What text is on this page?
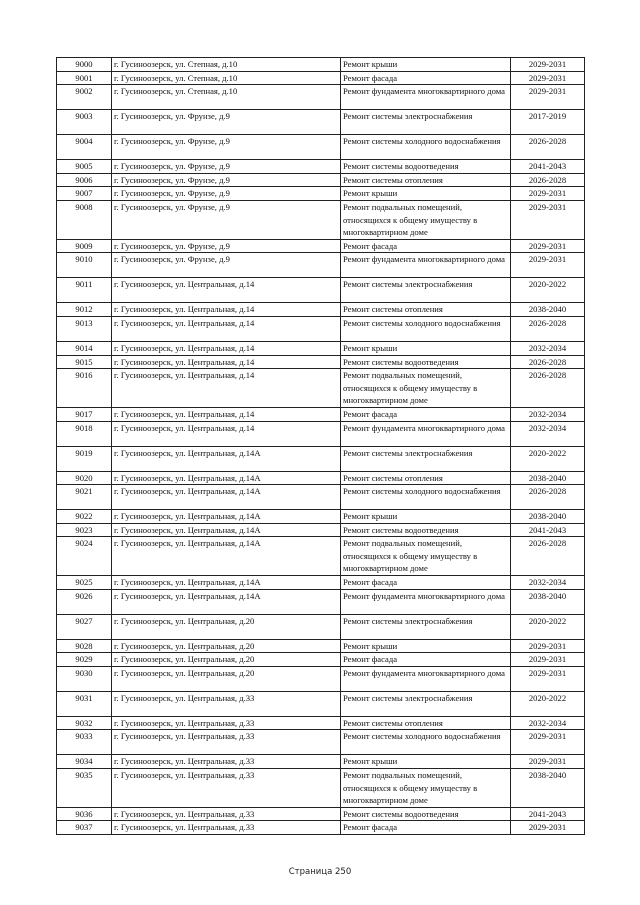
9000	г. Гусиноозерск, ул. Степная, д.10	Ремонт крыши	2029-2031
9001	г. Гусиноозерск, ул. Степная, д.10	Ремонт фасада	2029-2031
9002	г. Гусиноозерск, ул. Степная, д.10	Ремонт фундамента многоквартирного дома	2029-2031
9003	г. Гусиноозерск, ул. Фрунзе, д.9	Ремонт системы электроснабжения	2017-2019
9004	г. Гусиноозерск, ул. Фрунзе, д.9	Ремонт системы холодного водоснабжения	2026-2028
9005	г. Гусиноозерск, ул. Фрунзе, д.9	Ремонт системы водоотведения	2041-2043
9006	г. Гусиноозерск, ул. Фрунзе, д.9	Ремонт системы отопления	2026-2028
9007	г. Гусиноозерск, ул. Фрунзе, д.9	Ремонт крыши	2029-2031
9008	г. Гусиноозерск, ул. Фрунзе, д.9	Ремонт подвальных помещений, относящихся к общему имуществу в многоквартирном доме	2029-2031
9009	г. Гусиноозерск, ул. Фрунзе, д.9	Ремонт фасада	2029-2031
9010	г. Гусиноозерск, ул. Фрунзе, д.9	Ремонт фундамента многоквартирного дома	2029-2031
9011	г. Гусиноозерск, ул. Центральная, д.14	Ремонт системы электроснабжения	2020-2022
9012	г. Гусиноозерск, ул. Центральная, д.14	Ремонт системы отопления	2038-2040
9013	г. Гусиноозерск, ул. Центральная, д.14	Ремонт системы холодного водоснабжения	2026-2028
9014	г. Гусиноозерск, ул. Центральная, д.14	Ремонт крыши	2032-2034
9015	г. Гусиноозерск, ул. Центральная, д.14	Ремонт системы водоотведения	2026-2028
9016	г. Гусиноозерск, ул. Центральная, д.14	Ремонт подвальных помещений, относящихся к общему имуществу в многоквартирном доме	2026-2028
9017	г. Гусиноозерск, ул. Центральная, д.14	Ремонт фасада	2032-2034
9018	г. Гусиноозерск, ул. Центральная, д.14	Ремонт фундамента многоквартирного дома	2032-2034
9019	г. Гусиноозерск, ул. Центральная, д.14А	Ремонт системы электроснабжения	2020-2022
9020	г. Гусиноозерск, ул. Центральная, д.14А	Ремонт системы отопления	2038-2040
9021	г. Гусиноозерск, ул. Центральная, д.14А	Ремонт системы холодного водоснабжения	2026-2028
9022	г. Гусиноозерск, ул. Центральная, д.14А	Ремонт крыши	2038-2040
9023	г. Гусиноозерск, ул. Центральная, д.14А	Ремонт системы водоотведения	2041-2043
9024	г. Гусиноозерск, ул. Центральная, д.14А	Ремонт подвальных помещений, относящихся к общему имуществу в многоквартирном доме	2026-2028
9025	г. Гусиноозерск, ул. Центральная, д.14А	Ремонт фасада	2032-2034
9026	г. Гусиноозерск, ул. Центральная, д.14А	Ремонт фундамента многоквартирного дома	2038-2040
9027	г. Гусиноозерск, ул. Центральная, д.20	Ремонт системы электроснабжения	2020-2022
9028	г. Гусиноозерск, ул. Центральная, д.20	Ремонт крыши	2029-2031
9029	г. Гусиноозерск, ул. Центральная, д.20	Ремонт фасада	2029-2031
9030	г. Гусиноозерск, ул. Центральная, д.20	Ремонт фундамента многоквартирного дома	2029-2031
9031	г. Гусиноозерск, ул. Центральная, д.33	Ремонт системы электроснабжения	2020-2022
9032	г. Гусиноозерск, ул. Центральная, д.33	Ремонт системы отопления	2032-2034
9033	г. Гусиноозерск, ул. Центральная, д.33	Ремонт системы холодного водоснабжения	2029-2031
9034	г. Гусиноозерск, ул. Центральная, д.33	Ремонт крыши	2029-2031
9035	г. Гусиноозерск, ул. Центральная, д.33	Ремонт подвальных помещений, относящихся к общему имуществу в многоквартирном доме	2038-2040
9036	г. Гусиноозерск, ул. Центральная, д.33	Ремонт системы водоотведения	2041-2043
9037	г. Гусиноозерск, ул. Центральная, д.33	Ремонт фасада	2029-2031
Страница 250
